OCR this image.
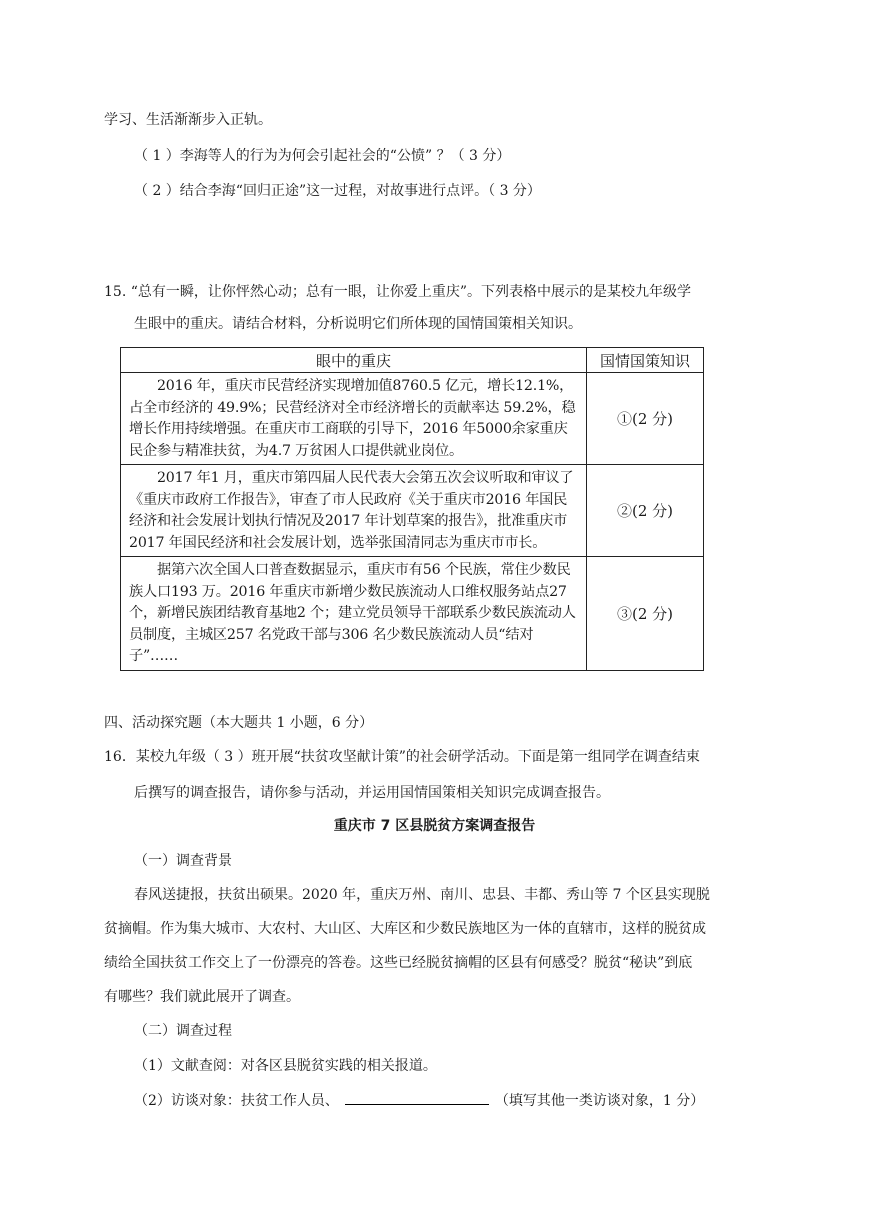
学习、生活渐渐步入正轨。
（ 1 ）李海等人的行为为何会引起社会的“公愤” ？（ 3 分）
（ 2 ）结合李海“回归正途”这一过程，对故事进行点评。（ 3 分）
15. “总有一瞬，让你怦然心动；总有一眼，让你爱上重庆”。下列表格中展示的是某校九年级学
生眼中的重庆。请结合材料，分析说明它们所体现的国情国策相关知识。
眼中的重庆	国情国策知识

　　2016 年，重庆市民营经济实现增加值8760.5 亿元，增长12.1%，占全市经济的 49.9%；民营经济对全市经济增长的贡献率达 59.2%，稳增长作用持续增强。在重庆市工商联的引导下，2016 年5000余家重庆民企参与精准扶贫，为4.7 万贫困人口提供就业岗位。	①(2 分)

　　2017 年1 月，重庆市第四届人民代表大会第五次会议听取和审议了《重庆市政府工作报告》，审查了市人民政府《关于重庆市2016 年国民经济和社会发展计划执行情况及2017 年计划草案的报告》，批准重庆市2017 年国民经济和社会发展计划，选举张国清同志为重庆市市长。	②(2 分)

　　据第六次全国人口普查数据显示，重庆市有56 个民族，常住少数民族人口193 万。2016 年重庆市新增少数民族流动人口维权服务站点27 个，新增民族团结教育基地2 个；建立党员领导干部联系少数民族流动人员制度，主城区257 名党政干部与306 名少数民族流动人员“结对子”……	③(2 分)
四、活动探究题（本大题共 1 小题，6 分）
16．某校九年级（ 3 ）班开展“扶贫攻坚献计策”的社会研学活动。下面是第一组同学在调查结束
后撰写的调查报告，请你参与活动，并运用国情国策相关知识完成调查报告。
重庆市 7 区县脱贫方案调查报告
（一）调查背景
春风送捷报，扶贫出硕果。2020 年，重庆万州、南川、忠县、丰都、秀山等 7 个区县实现脱
贫摘帽。作为集大城市、大农村、大山区、大库区和少数民族地区为一体的直辖市，这样的脱贫成
绩给全国扶贫工作交上了一份漂亮的答卷。这些已经脱贫摘帽的区县有何感受？脱贫“秘诀”到底
有哪些？我们就此展开了调查。
（二）调查过程
（1）文献查阅：对各区县脱贫实践的相关报道。
（2）访谈对象：扶贫工作人员、	（填写其他一类访谈对象，1 分）
